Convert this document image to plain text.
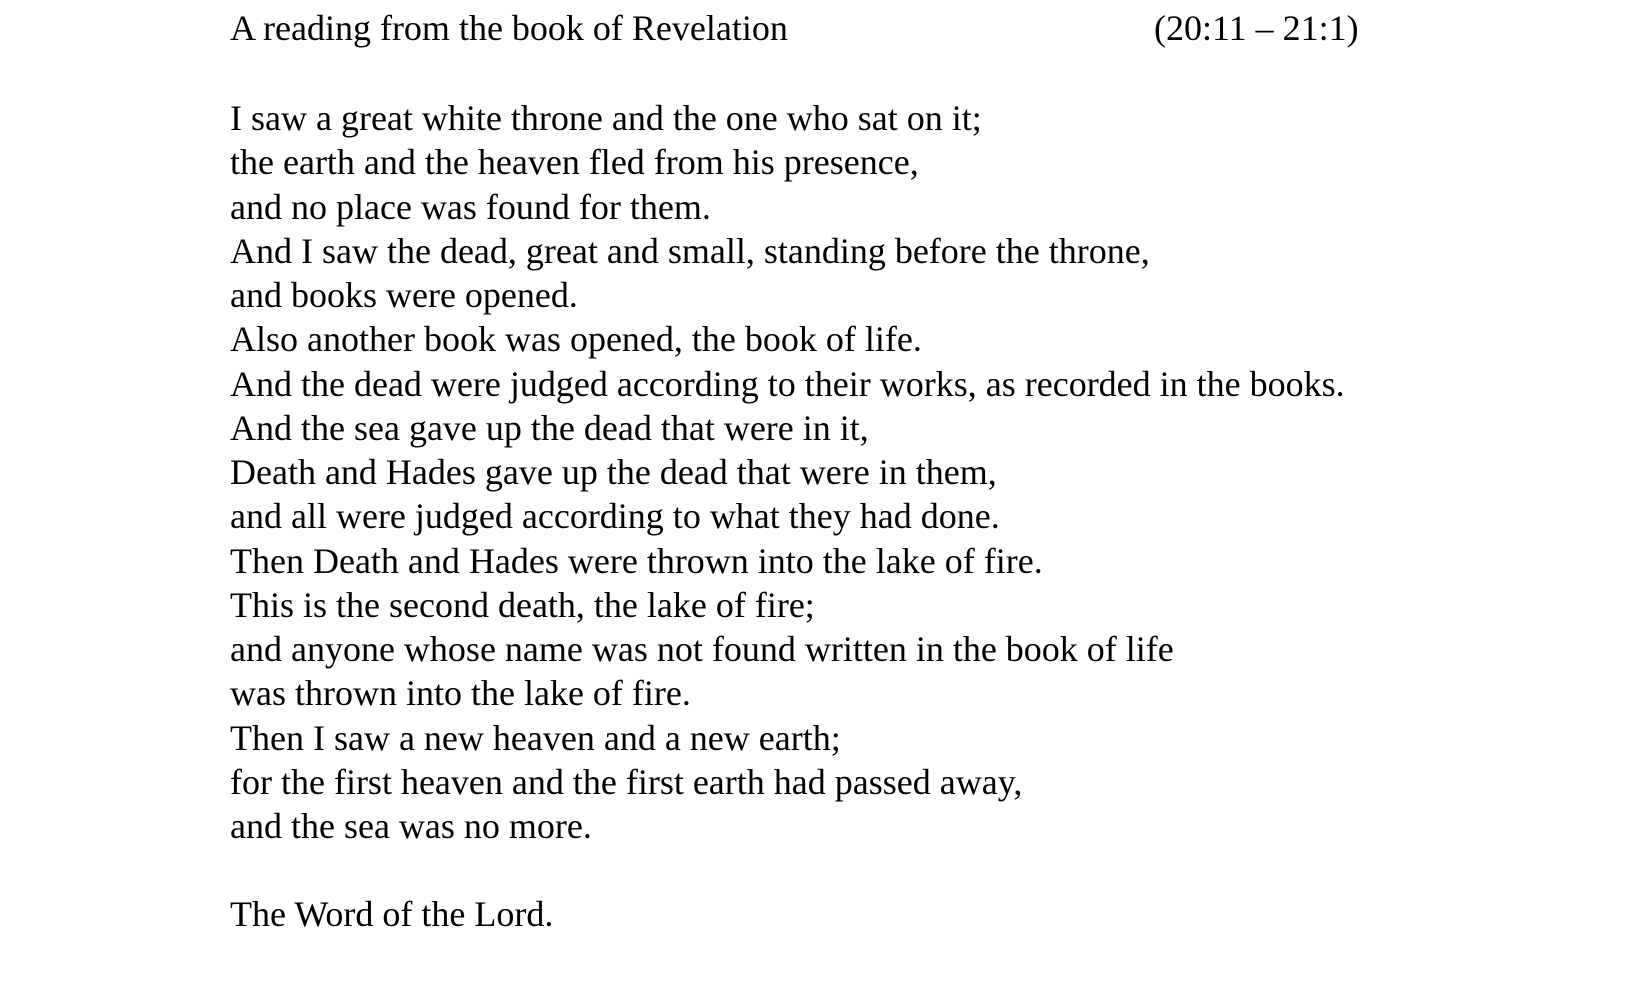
A reading from the book of Revelation	(20:11 – 21:1)
I saw a great white throne and the one who sat on it;
the earth and the heaven fled from his presence,
and no place was found for them.
And I saw the dead, great and small, standing before the throne,
and books were opened.
Also another book was opened, the book of life.
And the dead were judged according to their works, as recorded in the books.
And the sea gave up the dead that were in it,
Death and Hades gave up the dead that were in them,
and all were judged according to what they had done.
Then Death and Hades were thrown into the lake of fire.
This is the second death, the lake of fire;
and anyone whose name was not found written in the book of life
was thrown into the lake of fire.
Then I saw a new heaven and a new earth;
for the first heaven and the first earth had passed away,
and the sea was no more.
The Word of the Lord.
